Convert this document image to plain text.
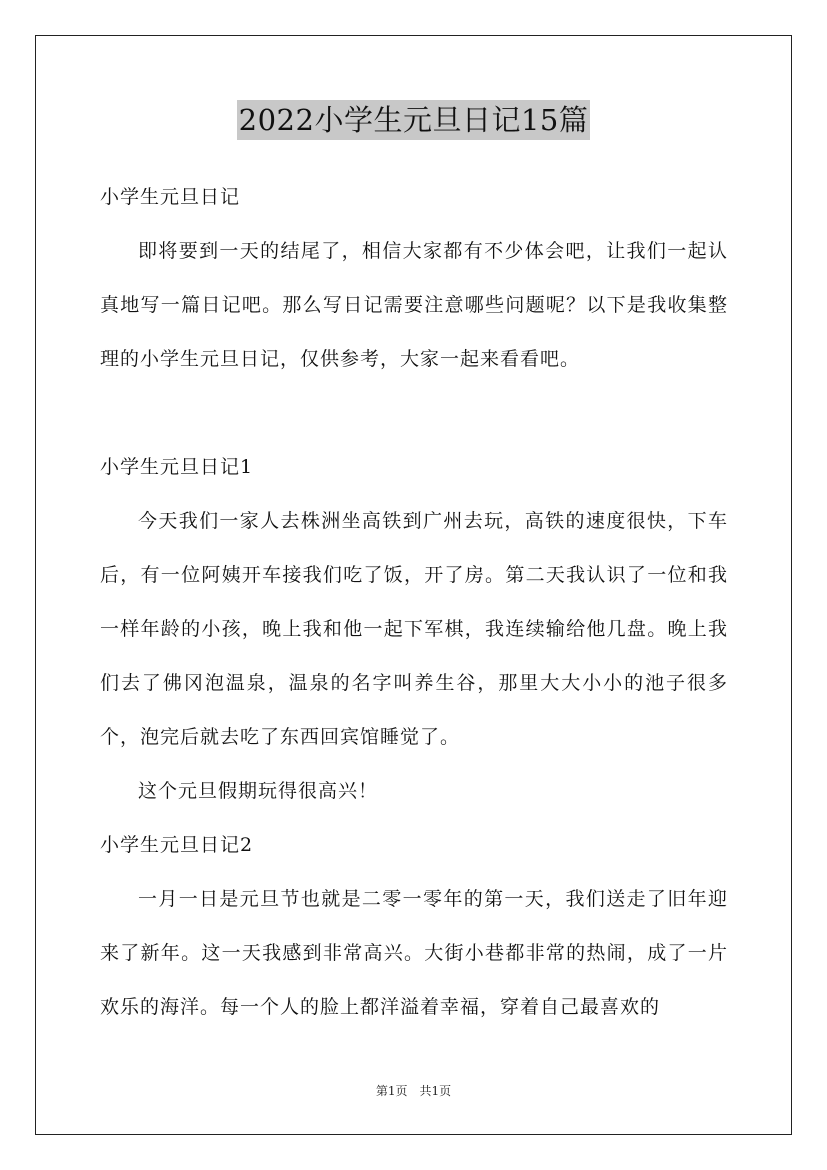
2022小学生元旦日记15篇

小学生元旦日记

即将要到一天的结尾了，相信大家都有不少体会吧，让我们一起认真地写一篇日记吧。那么写日记需要注意哪些问题呢？以下是我收集整理的小学生元旦日记，仅供参考，大家一起来看看吧。

小学生元旦日记1

今天我们一家人去株洲坐高铁到广州去玩，高铁的速度很快，下车后，有一位阿姨开车接我们吃了饭，开了房。第二天我认识了一位和我一样年龄的小孩，晚上我和他一起下军棋，我连续输给他几盘。晚上我们去了佛冈泡温泉，温泉的名字叫养生谷，那里大大小小的池子很多个，泡完后就去吃了东西回宾馆睡觉了。

这个元旦假期玩得很高兴！

小学生元旦日记2

一月一日是元旦节也就是二零一零年的第一天，我们送走了旧年迎来了新年。这一天我感到非常高兴。大街小巷都非常的热闹，成了一片欢乐的海洋。每一个人的脸上都洋溢着幸福，穿着自己最喜欢的

第1页 共1页
